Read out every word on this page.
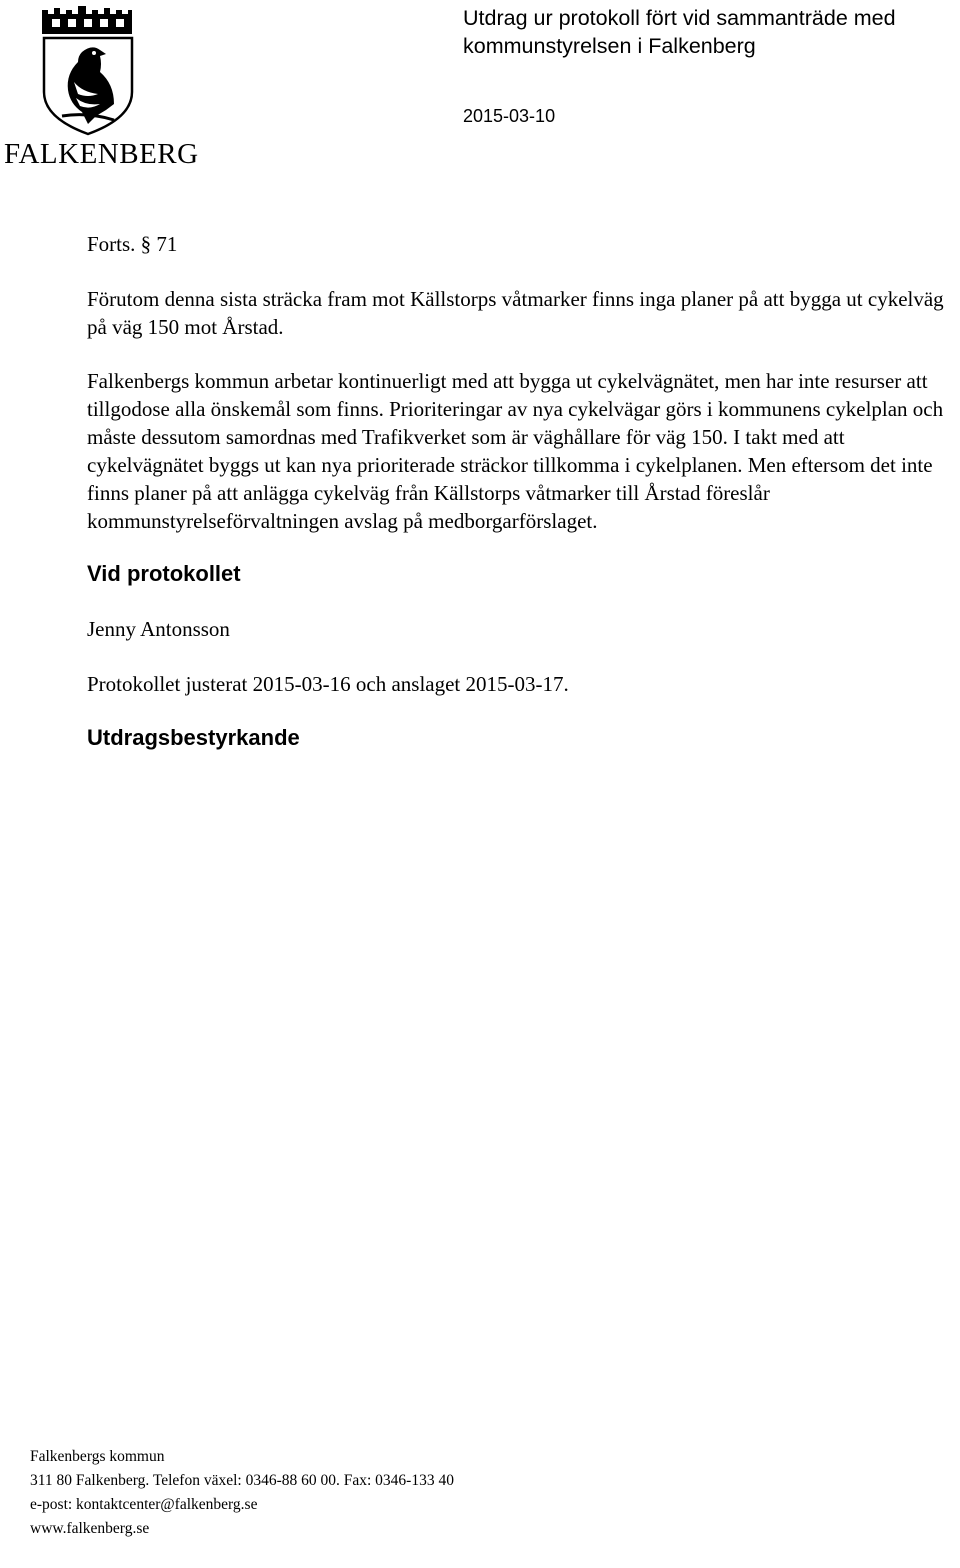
FALKENBERG
Utdrag ur protokoll fört vid sammanträde med kommunstyrelsen i Falkenberg
2015-03-10
Forts. § 71
Förutom denna sista sträcka fram mot Källstorps våtmarker finns inga planer på att bygga ut cykelväg på väg 150 mot Årstad.
Falkenbergs kommun arbetar kontinuerligt med att bygga ut cykelvägnätet, men har inte resurser att tillgodose alla önskemål som finns. Prioriteringar av nya cykelvägar görs i kommunens cykelplan och måste dessutom samordnas med Trafikverket som är väghållare för väg 150. I takt med att cykelvägnätet byggs ut kan nya prioriterade sträckor tillkomma i cykelplanen. Men eftersom det inte finns planer på att anlägga cykelväg från Källstorps våtmarker till Årstad föreslår kommunstyrelseförvaltningen avslag på medborgarförslaget.
Vid protokollet
Jenny Antonsson
Protokollet justerat 2015-03-16 och anslaget 2015-03-17.
Utdragsbestyrkande
Falkenbergs kommun
311 80 Falkenberg. Telefon växel: 0346-88 60 00. Fax: 0346-133 40
e-post: kontaktcenter@falkenberg.se
www.falkenberg.se
